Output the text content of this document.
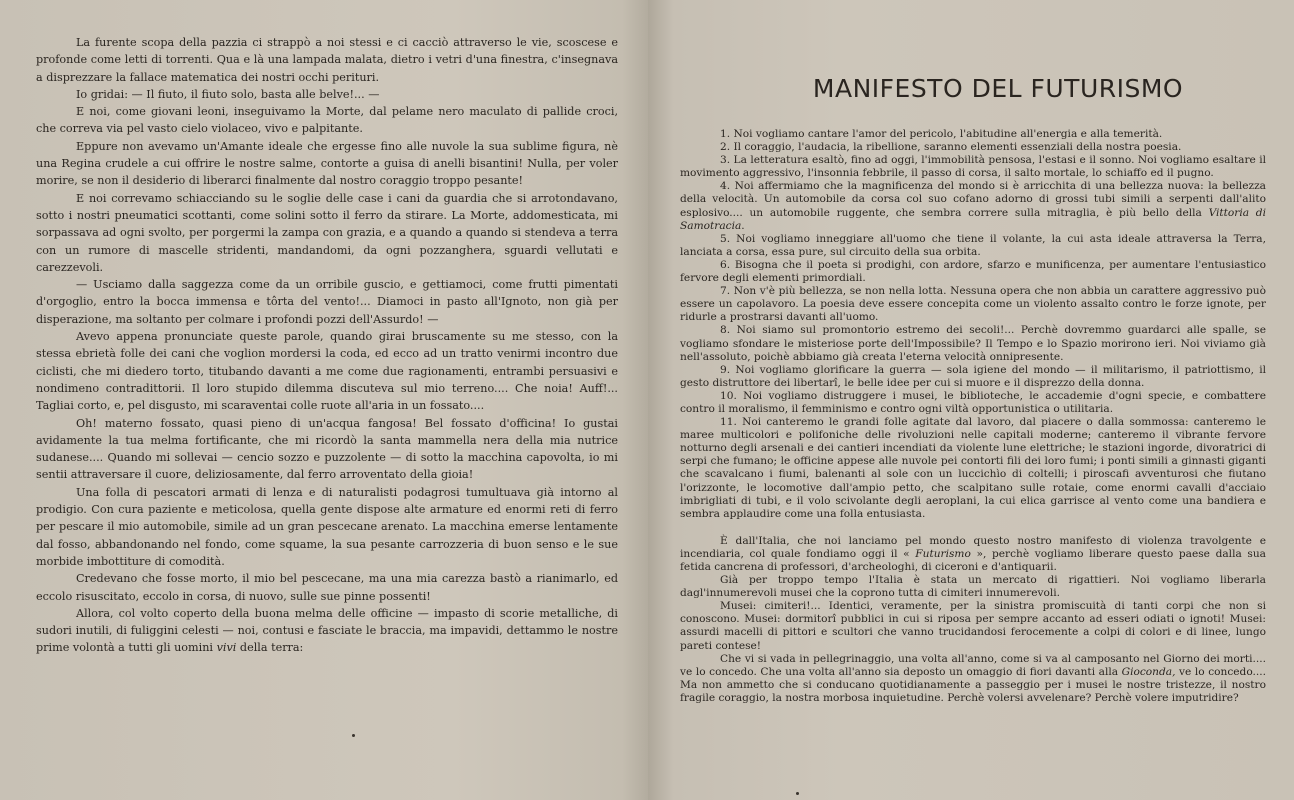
La furente scopa della pazzia ci strappò a noi stessi e ci cacciò attraverso le vie, scoscese e profonde come letti di torrenti. Qua e là una lampada malata, dietro i vetri d'una finestra, c'insegnava a disprezzare la fallace matematica dei nostri occhi perituri.

Io gridai: — Il fiuto, il fiuto solo, basta alle belve!... —

E noi, come giovani leoni, inseguivamo la Morte, dal pelame nero maculato di pallide croci, che correva via pel vasto cielo violaceo, vivo e palpitante.

Eppure non avevamo un'Amante ideale che ergesse fino alle nuvole la sua sublime figura, nè una Regina crudele a cui offrire le nostre salme, contorte a guisa di anelli bisantini! Nulla, per voler morire, se non il desiderio di liberarci finalmente dal nostro coraggio troppo pesante!

E noi correvamo schiacciando su le soglie delle case i cani da guardia che si arrotondavano, sotto i nostri pneumatici scottanti, come solini sotto il ferro da stirare. La Morte, addomesticata, mi sorpassava ad ogni svolto, per porgermi la zampa con grazia, e a quando a quando si stendeva a terra con un rumore di mascelle stridenti, mandandomi, da ogni pozzanghera, sguardi vellutati e carezzevoli.

— Usciamo dalla saggezza come da un orribile guscio, e gettiamoci, come frutti pimentati d'orgoglio, entro la bocca immensa e tôrta del vento!... Diamoci in pasto all'Ignoto, non già per disperazione, ma soltanto per colmare i profondi pozzi dell'Assurdo! —

Avevo appena pronunciate queste parole, quando girai bruscamente su me stesso, con la stessa ebrietà folle dei cani che voglion mordersi la coda, ed ecco ad un tratto venirmi incontro due ciclisti, che mi diedero torto, titubando davanti a me come due ragionamenti, entrambi persuasivi e nondimeno contradittorii. Il loro stupido dilemma discuteva sul mio terreno.... Che noia! Auff!... Tagliai corto, e, pel disgusto, mi scaraventai colle ruote all'aria in un fossato....

Oh! materno fossato, quasi pieno di un'acqua fangosa! Bel fossato d'officina! Io gustai avidamente la tua melma fortificante, che mi ricordò la santa mammella nera della mia nutrice sudanese.... Quando mi sollevai — cencio sozzo e puzzolente — di sotto la macchina capovolta, io mi sentii attraversare il cuore, deliziosamente, dal ferro arroventato della gioia!

Una folla di pescatori armati di lenza e di naturalisti podagrosi tumultuava già intorno al prodigio. Con cura paziente e meticolosa, quella gente dispose alte armature ed enormi reti di ferro per pescare il mio automobile, simile ad un gran pescecane arenato. La macchina emerse lentamente dal fosso, abbandonando nel fondo, come squame, la sua pesante carrozzeria di buon senso e le sue morbide imbottiture di comodità.

Credevano che fosse morto, il mio bel pescecane, ma una mia carezza bastò a rianimarlo, ed eccolo risuscitato, eccolo in corsa, di nuovo, sulle sue pinne possenti!

Allora, col volto coperto della buona melma delle officine — impasto di scorie metalliche, di sudori inutili, di fuliggini celesti — noi, contusi e fasciate le braccia, ma impavidi, dettammo le nostre prime volontà a tutti gli uomini vivi della terra:

MANIFESTO DEL FUTURISMO

1. Noi vogliamo cantare l'amor del pericolo, l'abitudine all'energia e alla temerità.

2. Il coraggio, l'audacia, la ribellione, saranno elementi essenziali della nostra poesia.

3. La letteratura esaltò, fino ad oggi, l'immobilità pensosa, l'estasi e il sonno. Noi vogliamo esaltare il movimento aggressivo, l'insonnia febbrile, il passo di corsa, il salto mortale, lo schiaffo ed il pugno.

4. Noi affermiamo che la magnificenza del mondo si è arricchita di una bellezza nuova: la bellezza della velocità. Un automobile da corsa col suo cofano adorno di grossi tubi simili a serpenti dall'alito esplosivo.... un automobile ruggente, che sembra correre sulla mitraglia, è più bello della Vittoria di Samotracia.

5. Noi vogliamo inneggiare all'uomo che tiene il volante, la cui asta ideale attraversa la Terra, lanciata a corsa, essa pure, sul circuito della sua orbita.

6. Bisogna che il poeta si prodighi, con ardore, sfarzo e munificenza, per aumentare l'entusiastico fervore degli elementi primordiali.

7. Non v'è più bellezza, se non nella lotta. Nessuna opera che non abbia un carattere aggressivo può essere un capolavoro. La poesia deve essere concepita come un violento assalto contro le forze ignote, per ridurle a prostrarsi davanti all'uomo.

8. Noi siamo sul promontorio estremo dei secoli!... Perchè dovremmo guardarci alle spalle, se vogliamo sfondare le misteriose porte dell'Impossibile? Il Tempo e lo Spazio morirono ieri. Noi viviamo già nell'assoluto, poichè abbiamo già creata l'eterna velocità onnipresente.

9. Noi vogliamo glorificare la guerra — sola igiene del mondo — il militarismo, il patriottismo, il gesto distruttore dei libertarî, le belle idee per cui si muore e il disprezzo della donna.

10. Noi vogliamo distruggere i musei, le biblioteche, le accademie d'ogni specie, e combattere contro il moralismo, il femminismo e contro ogni viltà opportunistica o utilitaria.

11. Noi canteremo le grandi folle agitate dal lavoro, dal piacere o dalla sommossa: canteremo le maree multicolori e polifoniche delle rivoluzioni nelle capitali moderne; canteremo il vibrante fervore notturno degli arsenali e dei cantieri incendiati da violente lune elettriche; le stazioni ingorde, divoratrici di serpi che fumano; le officine appese alle nuvole pei contorti fili dei loro fumi; i ponti simili a ginnasti giganti che scavalcano i fiumi, balenanti al sole con un luccichìo di coltelli; i piroscafi avventurosi che fiutano l'orizzonte, le locomotive dall'ampio petto, che scalpitano sulle rotaie, come enormi cavalli d'acciaio imbrigliati di tubi, e il volo scivolante degli aeroplani, la cui elica garrisce al vento come una bandiera e sembra applaudire come una folla entusiasta.

È dall'Italia, che noi lanciamo pel mondo questo nostro manifesto di violenza travolgente e incendiaria, col quale fondiamo oggi il « Futurismo », perchè vogliamo liberare questo paese dalla sua fetida cancrena di professori, d'archeologhi, di ciceroni e d'antiquarii.

Già per troppo tempo l'Italia è stata un mercato di rigattieri. Noi vogliamo liberarla dagl'innumerevoli musei che la coprono tutta di cimiteri innumerevoli.

Musei: cimiteri!... Identici, veramente, per la sinistra promiscuità di tanti corpi che non si conoscono. Musei: dormitorî pubblici in cui si riposa per sempre accanto ad esseri odiati o ignoti! Musei: assurdi macelli di pittori e scultori che vanno trucidandosi ferocemente a colpi di colori e di linee, lungo pareti contese!

Che vi si vada in pellegrinaggio, una volta all'anno, come si va al camposanto nel Giorno dei morti.... ve lo concedo. Che una volta all'anno sia deposto un omaggio di fiori davanti alla Gioconda, ve lo concedo.... Ma non ammetto che si conducano quotidianamente a passeggio per i musei le nostre tristezze, il nostro fragile coraggio, la nostra morbosa inquietudine. Perchè volersi avvelenare? Perchè volere imputridire?
